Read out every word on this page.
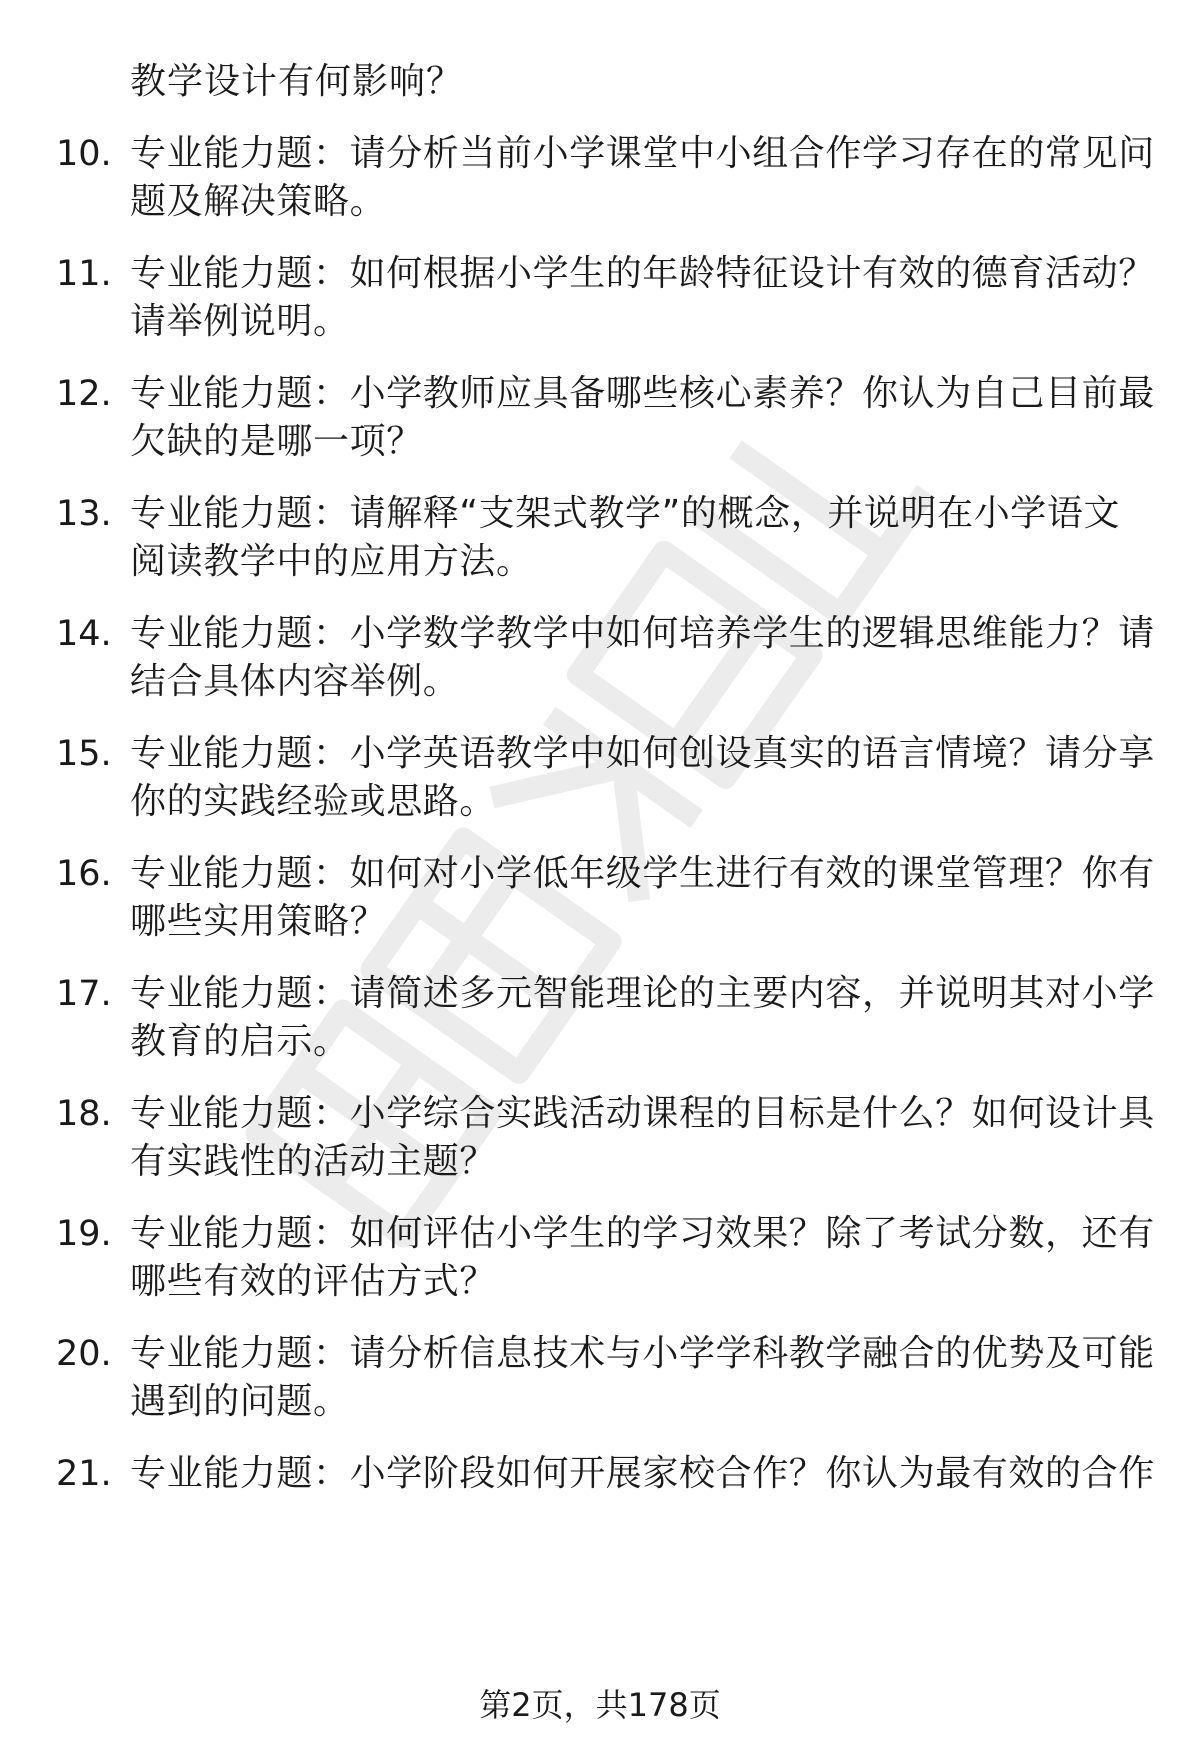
教学设计有何影响？
10. 专业能力题：请分析当前小学课堂中小组合作学习存在的常见问
题及解决策略。
11. 专业能力题：如何根据小学生的年龄特征设计有效的德育活动？
请举例说明。
12. 专业能力题：小学教师应具备哪些核心素养？你认为自己目前最
欠缺的是哪一项？
13. 专业能力题：请解释“支架式教学”的概念，并说明在小学语文
阅读教学中的应用方法。
14. 专业能力题：小学数学教学中如何培养学生的逻辑思维能力？请
结合具体内容举例。
15. 专业能力题：小学英语教学中如何创设真实的语言情境？请分享
你的实践经验或思路。
16. 专业能力题：如何对小学低年级学生进行有效的课堂管理？你有
哪些实用策略？
17. 专业能力题：请简述多元智能理论的主要内容，并说明其对小学
教育的启示。
18. 专业能力题：小学综合实践活动课程的目标是什么？如何设计具
有实践性的活动主题？
19. 专业能力题：如何评估小学生的学习效果？除了考试分数，还有
哪些有效的评估方式？
20. 专业能力题：请分析信息技术与小学学科教学融合的优势及可能
遇到的问题。
21. 专业能力题：小学阶段如何开展家校合作？你认为最有效的合作
第2页，共178页
